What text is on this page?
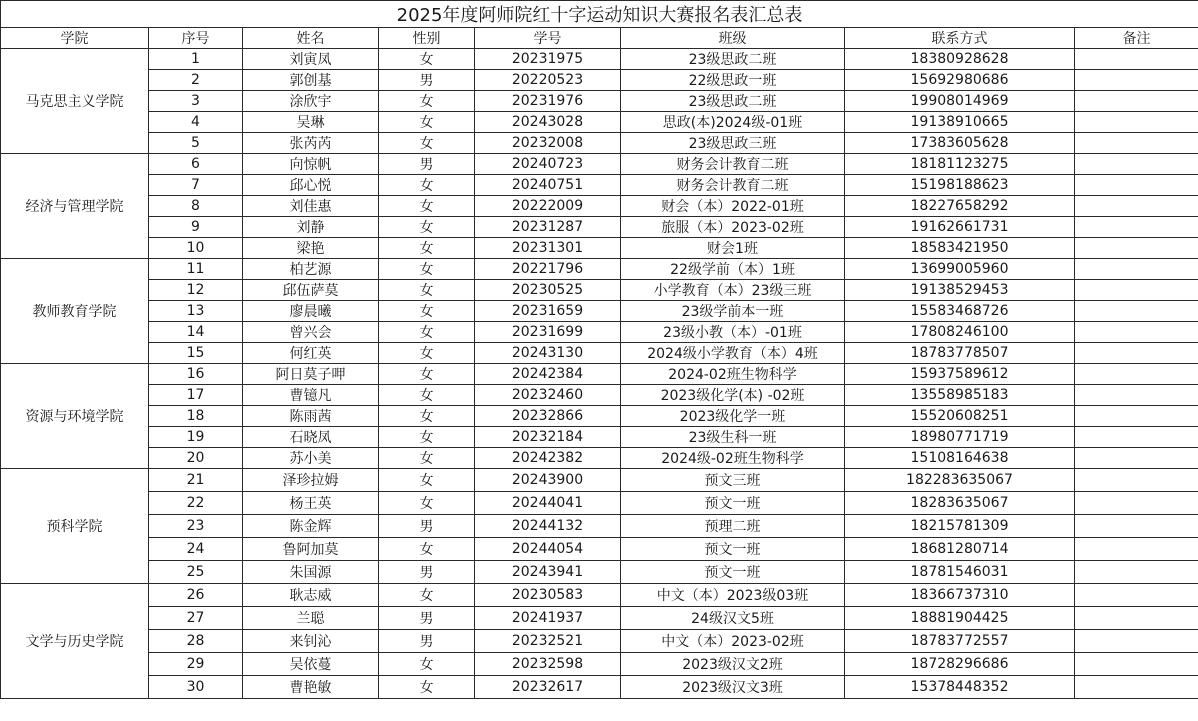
2025年度阿师院红十字运动知识大赛报名表汇总表							
学院	序号	姓名	性别	学号	班级	联系方式	备注
马克思主义学院	1	刘寅凤	女	20231975	23级思政二班	18380928628	
	2	郭创基	男	20220523	22级思政一班	15692980686	
	3	涂欣宇	女	20231976	23级思政二班	19908014969	
	4	吴琳	女	20243028	思政(本)2024级-01班	19138910665	
	5	张芮芮	女	20232008	23级思政三班	17383605628	
经济与管理学院	6	向惊帆	男	20240723	财务会计教育二班	18181123275	
	7	邱心悦	女	20240751	财务会计教育二班	15198188623	
	8	刘佳惠	女	20222009	财会（本）2022-01班	18227658292	
	9	刘静	女	20231287	旅服（本）2023-02班	19162661731	
	10	梁艳	女	20231301	财会1班	18583421950	
教师教育学院	11	柏艺源	女	20221796	22级学前（本）1班	13699005960	
	12	邱伍萨莫	女	20230525	小学教育（本）23级三班	19138529453	
	13	廖晨曦	女	20231659	23级学前本一班	15583468726	
	14	曾兴会	女	20231699	23级小教（本）-01班	17808246100	
	15	何红英	女	20243130	2024级小学教育（本）4班	18783778507	
资源与环境学院	16	阿日莫子呷	女	20242384	2024-02班生物科学	15937589612	
	17	曹镱凡	女	20232460	2023级化学(本) -02班	13558985183	
	18	陈雨茜	女	20232866	2023级化学一班	15520608251	
	19	石晓凤	女	20232184	23级生科一班	18980771719	
	20	苏小美	女	20242382	2024级-02班生物科学	15108164638	
预科学院	21	泽珍拉姆	女	20243900	预文三班	182283635067	
	22	杨王英	女	20244041	预文一班	18283635067	
	23	陈金辉	男	20244132	预理二班	18215781309	
	24	鲁阿加莫	女	20244054	预文一班	18681280714	
	25	朱国源	男	20243941	预文一班	18781546031	
文学与历史学院	26	耿志威	女	20230583	中文（本）2023级03班	18366737310	
	27	兰聪	男	20241937	24级汉文5班	18881904425	
	28	来钊沁	男	20232521	中文（本）2023-02班	18783772557	
	29	吴依蔓	女	20232598	2023级汉文2班	18728296686	
	30	曹艳敏	女	20232617	2023级汉文3班	15378448352	
